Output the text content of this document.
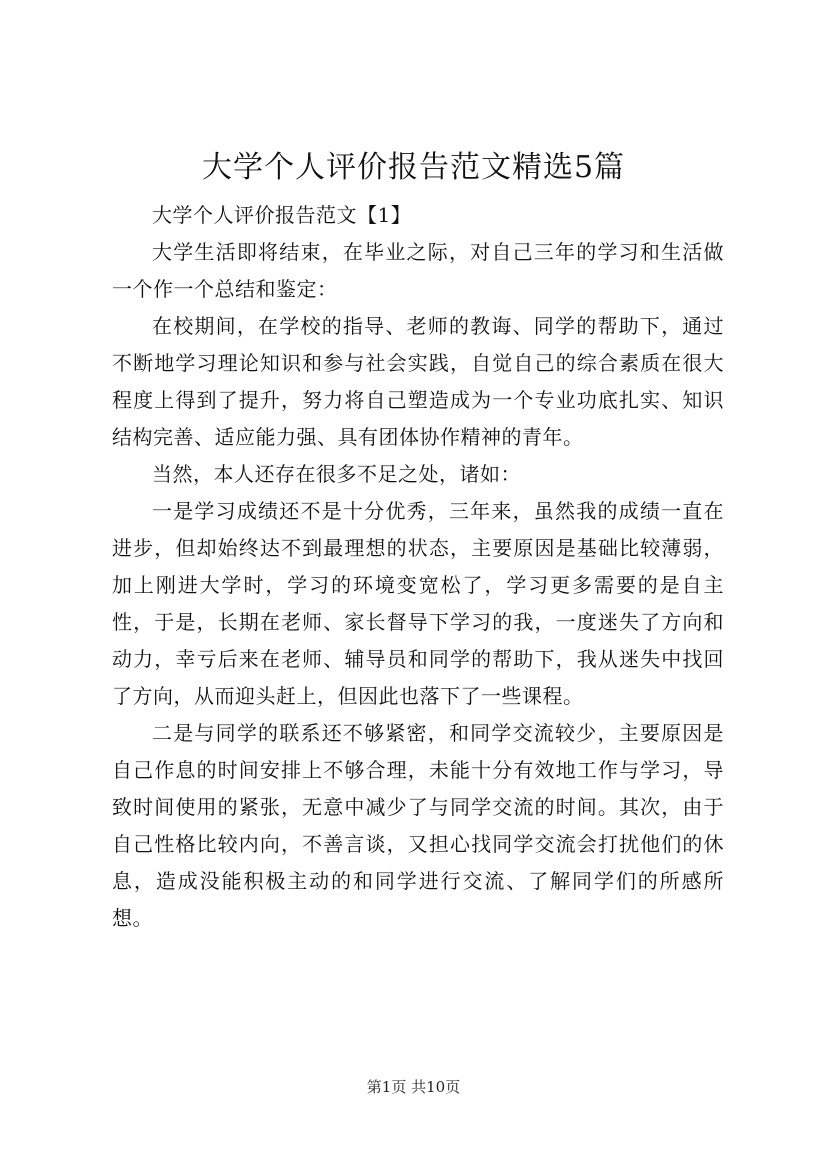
大学个人评价报告范文精选5篇

大学个人评价报告范文【1】

大学生活即将结束，在毕业之际，对自己三年的学习和生活做一个作一个总结和鉴定：

在校期间，在学校的指导、老师的教诲、同学的帮助下，通过不断地学习理论知识和参与社会实践，自觉自己的综合素质在很大程度上得到了提升，努力将自己塑造成为一个专业功底扎实、知识结构完善、适应能力强、具有团体协作精神的青年。

当然，本人还存在很多不足之处，诸如：

一是学习成绩还不是十分优秀，三年来，虽然我的成绩一直在进步，但却始终达不到最理想的状态，主要原因是基础比较薄弱，加上刚进大学时，学习的环境变宽松了，学习更多需要的是自主性，于是，长期在老师、家长督导下学习的我，一度迷失了方向和动力，幸亏后来在老师、辅导员和同学的帮助下，我从迷失中找回了方向，从而迎头赶上，但因此也落下了一些课程。

二是与同学的联系还不够紧密，和同学交流较少，主要原因是自己作息的时间安排上不够合理，未能十分有效地工作与学习，导致时间使用的紧张，无意中减少了与同学交流的时间。其次，由于自己性格比较内向，不善言谈，又担心找同学交流会打扰他们的休息，造成没能积极主动的和同学进行交流、了解同学们的所感所想。

第1页 共10页
